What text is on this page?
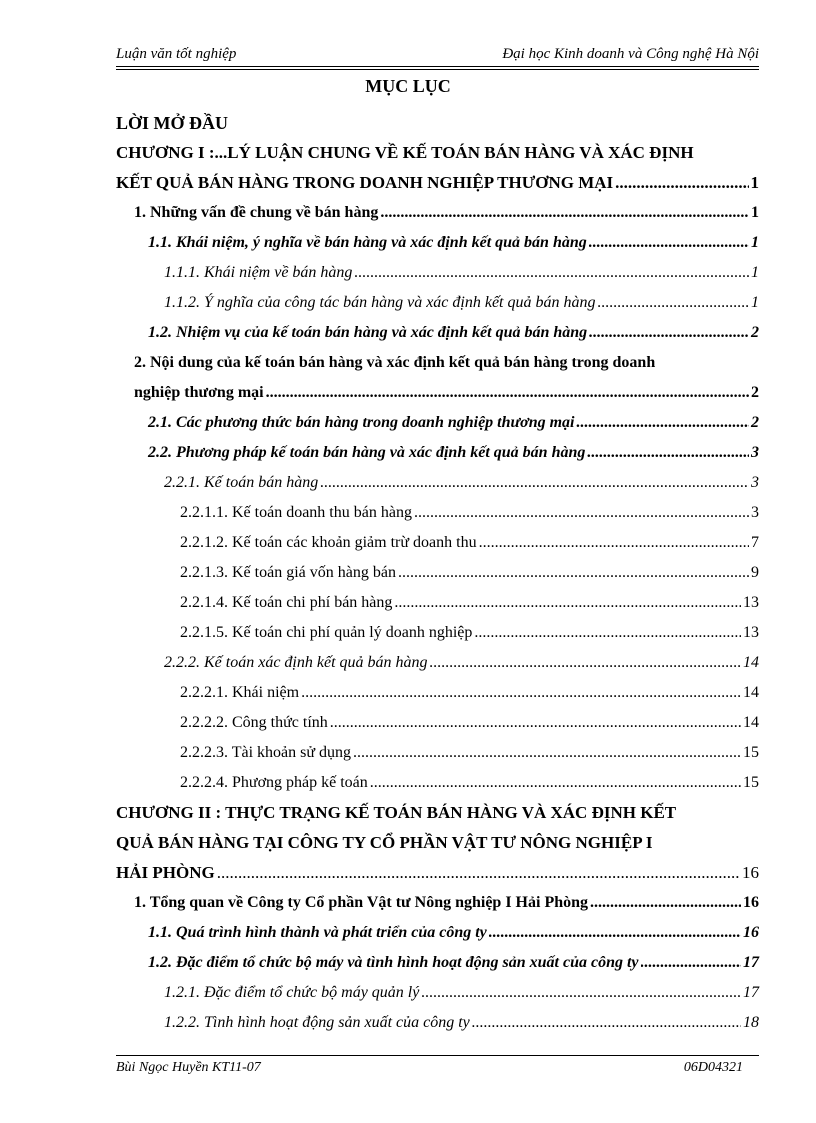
Luận văn tốt nghiệp	Đại học Kinh doanh và Công nghệ Hà Nội
MỤC LỤC
LỜI MỞ ĐẦU
CHƯƠNG I :...LÝ LUẬN CHUNG VỀ KẾ TOÁN BÁN HÀNG VÀ XÁC ĐỊNH
KẾT QUẢ BÁN HÀNG TRONG DOANH NGHIỆP THƯƠNG MẠI .....	1
1. Những vấn đề chung về bán hàng .....	1
1.1. Khái niệm, ý nghĩa về bán hàng và xác định kết quả bán hàng .....	1
1.1.1. Khái niệm về bán hàng .....	1
1.1.2. Ý nghĩa của công tác bán hàng và xác định kết quả bán hàng .....	1
1.2. Nhiệm vụ của kế toán bán hàng và xác định kết quả bán hàng .....	2
2. Nội dung của kế toán bán hàng và xác định kết quả bán hàng trong doanh
nghiệp thương mại .....	2
2.1. Các phương thức bán hàng trong doanh nghiệp thương mại .....	2
2.2. Phương pháp kế toán bán hàng và xác định kết quả bán hàng .....	3
2.2.1. Kế toán bán hàng .....	3
2.2.1.1. Kế toán doanh thu bán hàng .....	3
2.2.1.2. Kế toán các khoản giảm trừ doanh thu .....	7
2.2.1.3. Kế toán giá vốn hàng bán .....	9
2.2.1.4. Kế toán chi phí bán hàng .....	13
2.2.1.5. Kế toán chi phí quản lý doanh nghiệp .....	13
2.2.2. Kế toán xác định kết quả bán hàng .....	14
2.2.2.1. Khái niệm .....	14
2.2.2.2. Công thức tính .....	14
2.2.2.3. Tài khoản sử dụng .....	15
2.2.2.4. Phương pháp kế toán .....	15
CHƯƠNG II : THỰC TRẠNG KẾ TOÁN BÁN HÀNG VÀ XÁC ĐỊNH KẾT
QUẢ BÁN HÀNG TẠI CÔNG TY CỔ PHẦN VẬT TƯ NÔNG NGHIỆP I
HẢI PHÒNG .....	16
1. Tổng quan về Công ty Cổ phần Vật tư Nông nghiệp I Hải Phòng .....	16
1.1. Quá trình hình thành và phát triển của công ty .....	16
1.2. Đặc điểm tổ chức bộ máy và tình hình hoạt động sản xuất của công ty .....	17
1.2.1. Đặc điểm tổ chức bộ máy quản lý .....	17
1.2.2. Tình hình hoạt động sản xuất của công ty .....	18
Bùi Ngọc Huyền KT11-07	06D04321
